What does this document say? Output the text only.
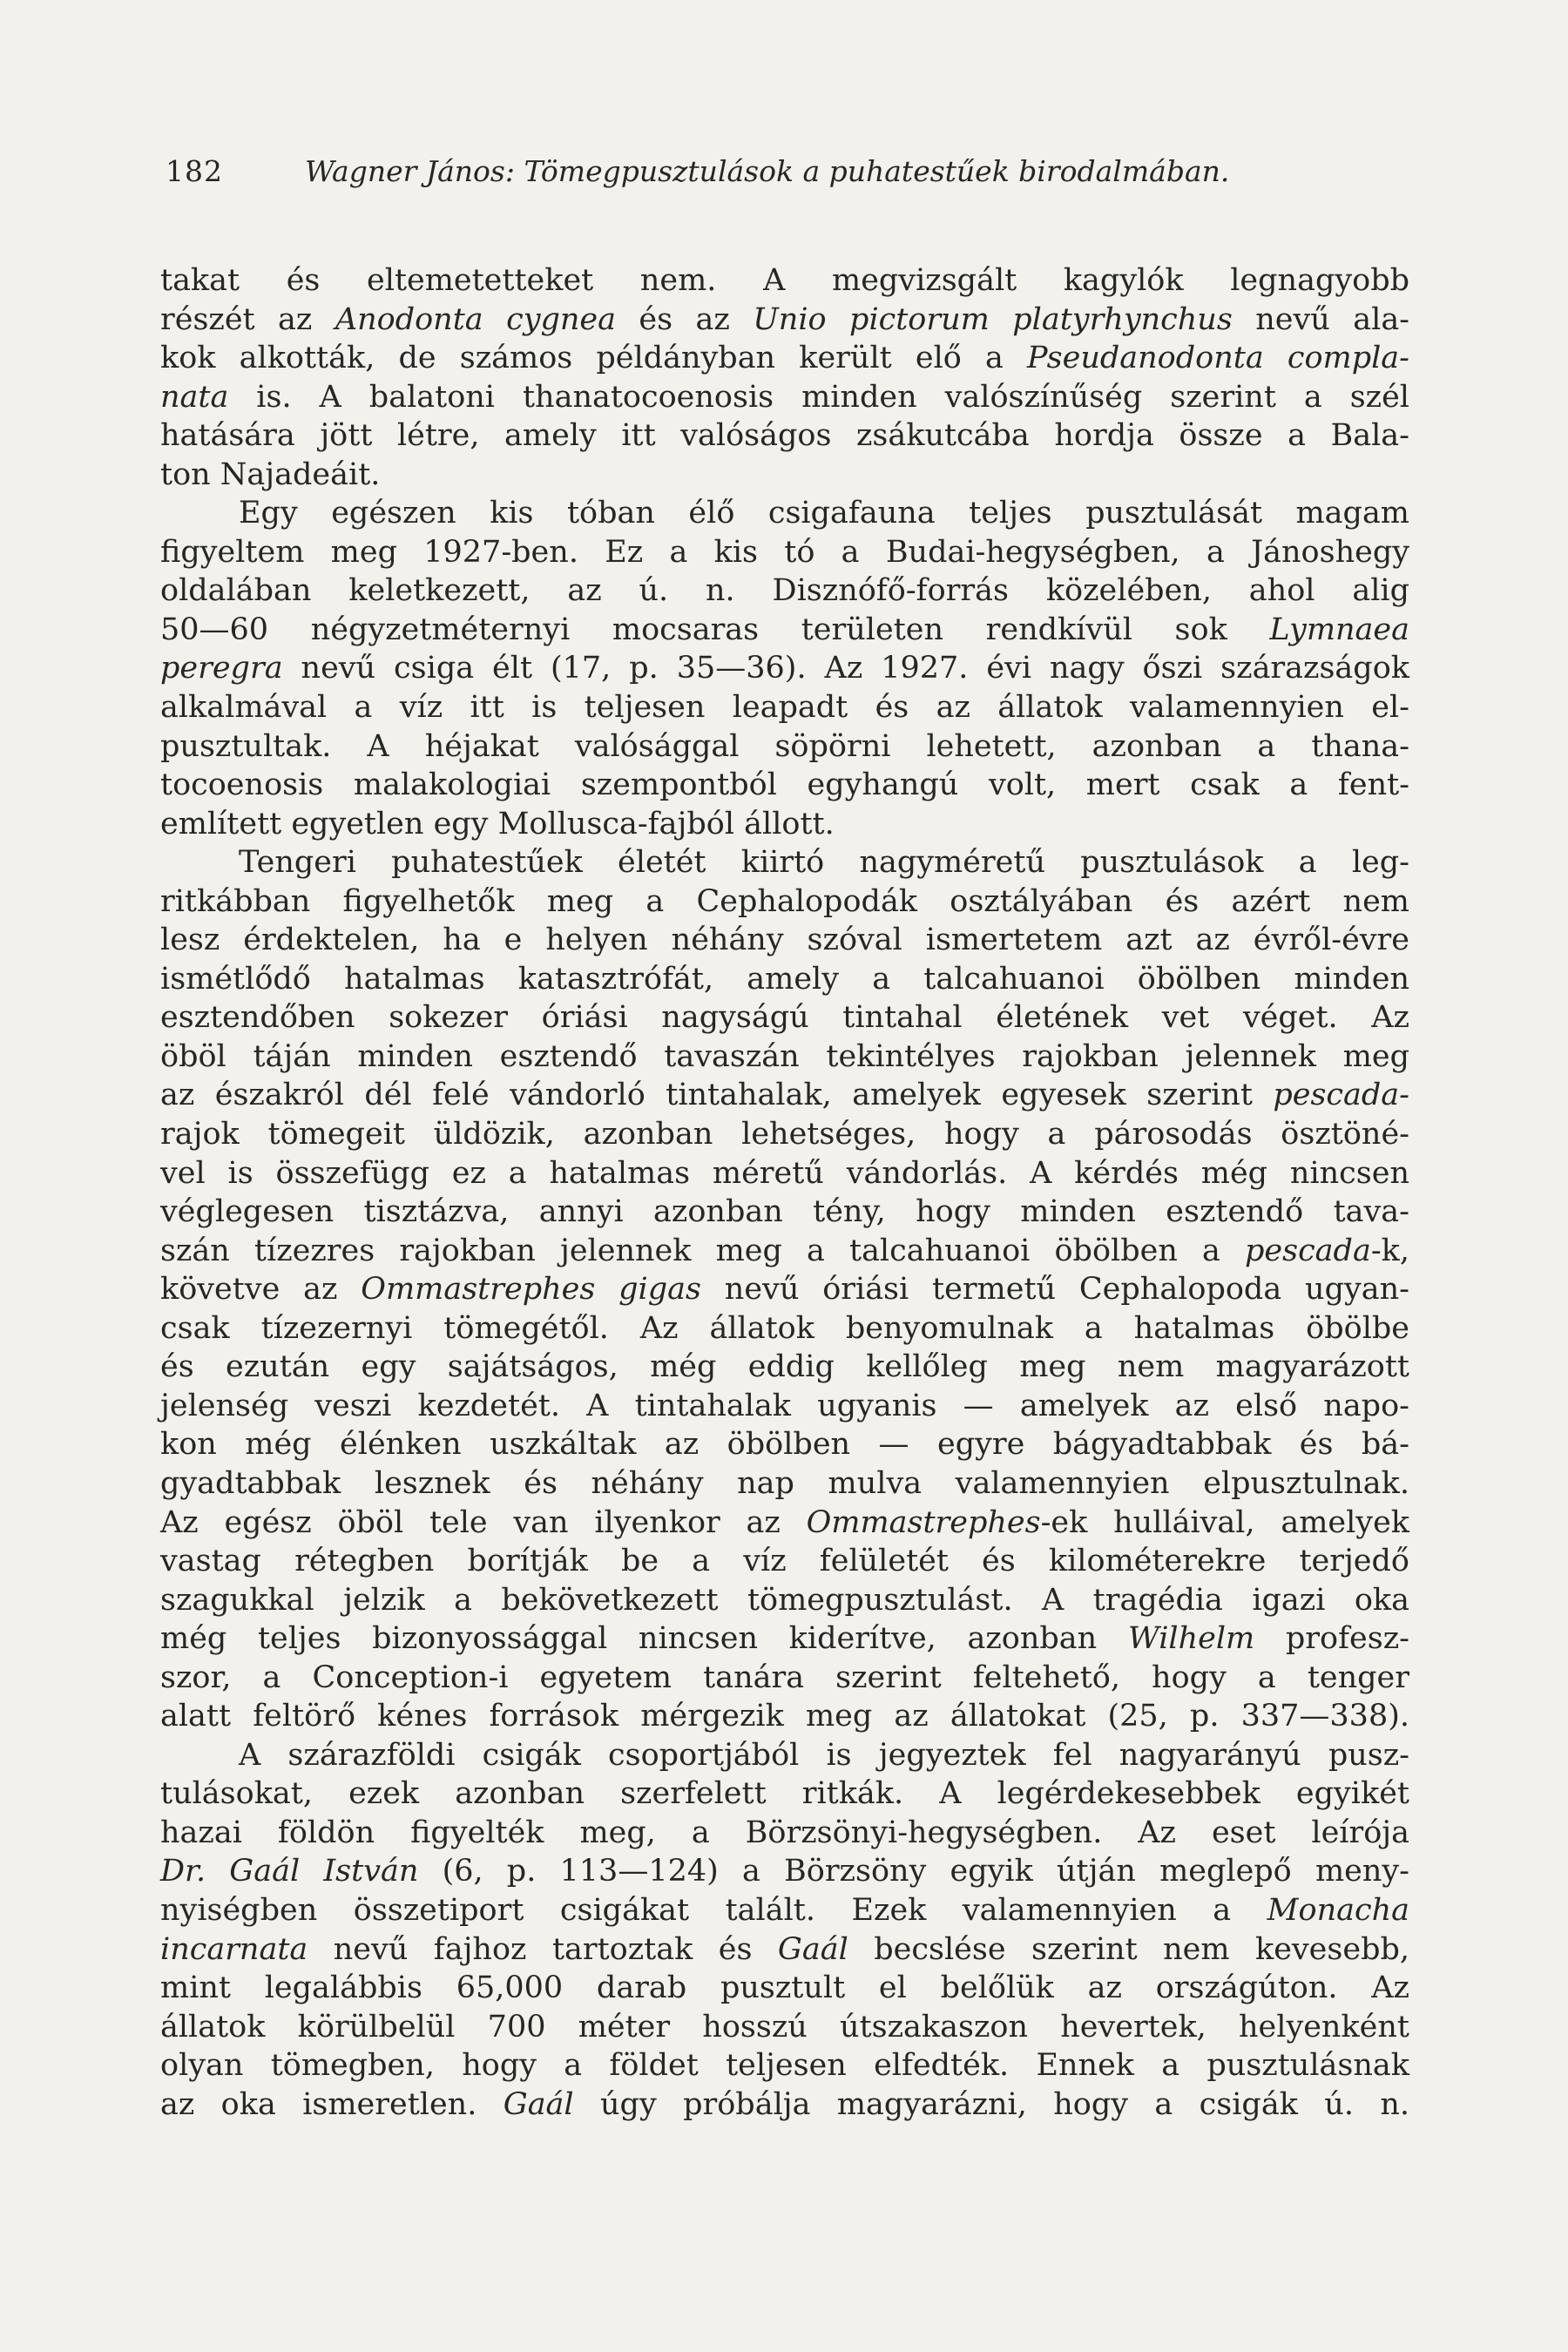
182	Wagner János: Tömegpusztulások a puhatestűek birodalmában.
takat és eltemetetteket nem. A megvizsgált kagylók legnagyobb
részét az Anodonta cygnea és az Unio pictorum platyrhynchus nevű ala-
kok alkották, de számos példányban került elő a Pseudanodonta compla-
nata is. A balatoni thanatocoenosis minden valószínűség szerint a szél
hatására jött létre, amely itt valóságos zsákutcába hordja össze a Bala-
ton Najadeáit.
Egy egészen kis tóban élő csigafauna teljes pusztulását magam
figyeltem meg 1927-ben. Ez a kis tó a Budai-hegységben, a Jánoshegy
oldalában keletkezett, az ú. n. Disznófő-forrás közelében, ahol alig
50—60 négyzetméternyi mocsaras területen rendkívül sok Lymnaea
peregra nevű csiga élt (17, p. 35—36). Az 1927. évi nagy őszi szárazságok
alkalmával a víz itt is teljesen leapadt és az állatok valamennyien el-
pusztultak. A héjakat valósággal söpörni lehetett, azonban a thana-
tocoenosis malakologiai szempontból egyhangú volt, mert csak a fent-
említett egyetlen egy Mollusca-fajból állott.
Tengeri puhatestűek életét kiirtó nagyméretű pusztulások a leg-
ritkábban figyelhetők meg a Cephalopodák osztályában és azért nem
lesz érdektelen, ha e helyen néhány szóval ismertetem azt az évről-évre
ismétlődő hatalmas katasztrófát, amely a talcahuanoi öbölben minden
esztendőben sokezer óriási nagyságú tintahal életének vet véget. Az
öböl táján minden esztendő tavaszán tekintélyes rajokban jelennek meg
az északról dél felé vándorló tintahalak, amelyek egyesek szerint pescada-
rajok tömegeit üldözik, azonban lehetséges, hogy a párosodás ösztöné-
vel is összefügg ez a hatalmas méretű vándorlás. A kérdés még nincsen
véglegesen tisztázva, annyi azonban tény, hogy minden esztendő tava-
szán tízezres rajokban jelennek meg a talcahuanoi öbölben a pescada-k,
követve az Ommastrephes gigas nevű óriási termetű Cephalopoda ugyan-
csak tízezernyi tömegétől. Az állatok benyomulnak a hatalmas öbölbe
és ezután egy sajátságos, még eddig kellőleg meg nem magyarázott
jelenség veszi kezdetét. A tintahalak ugyanis — amelyek az első napo-
kon még élénken uszkáltak az öbölben — egyre bágyadtabbak és bá-
gyadtabbak lesznek és néhány nap mulva valamennyien elpusztulnak.
Az egész öböl tele van ilyenkor az Ommastrephes-ek hulláival, amelyek
vastag rétegben borítják be a víz felületét és kilométerekre terjedő
szagukkal jelzik a bekövetkezett tömegpusztulást. A tragédia igazi oka
még teljes bizonyossággal nincsen kiderítve, azonban Wilhelm profesz-
szor, a Conception-i egyetem tanára szerint feltehető, hogy a tenger
alatt feltörő kénes források mérgezik meg az állatokat (25, p. 337—338).
A szárazföldi csigák csoportjából is jegyeztek fel nagyarányú pusz-
tulásokat, ezek azonban szerfelett ritkák. A legérdekesebbek egyikét
hazai földön figyelték meg, a Börzsönyi-hegységben. Az eset leírója
Dr. Gaál István (6, p. 113—124) a Börzsöny egyik útján meglepő meny-
nyiségben összetiport csigákat talált. Ezek valamennyien a Monacha
incarnata nevű fajhoz tartoztak és Gaál becslése szerint nem kevesebb,
mint legalábbis 65,000 darab pusztult el belőlük az országúton. Az
állatok körülbelül 700 méter hosszú útszakaszon hevertek, helyenként
olyan tömegben, hogy a földet teljesen elfedték. Ennek a pusztulásnak
az oka ismeretlen. Gaál úgy próbálja magyarázni, hogy a csigák ú. n.
